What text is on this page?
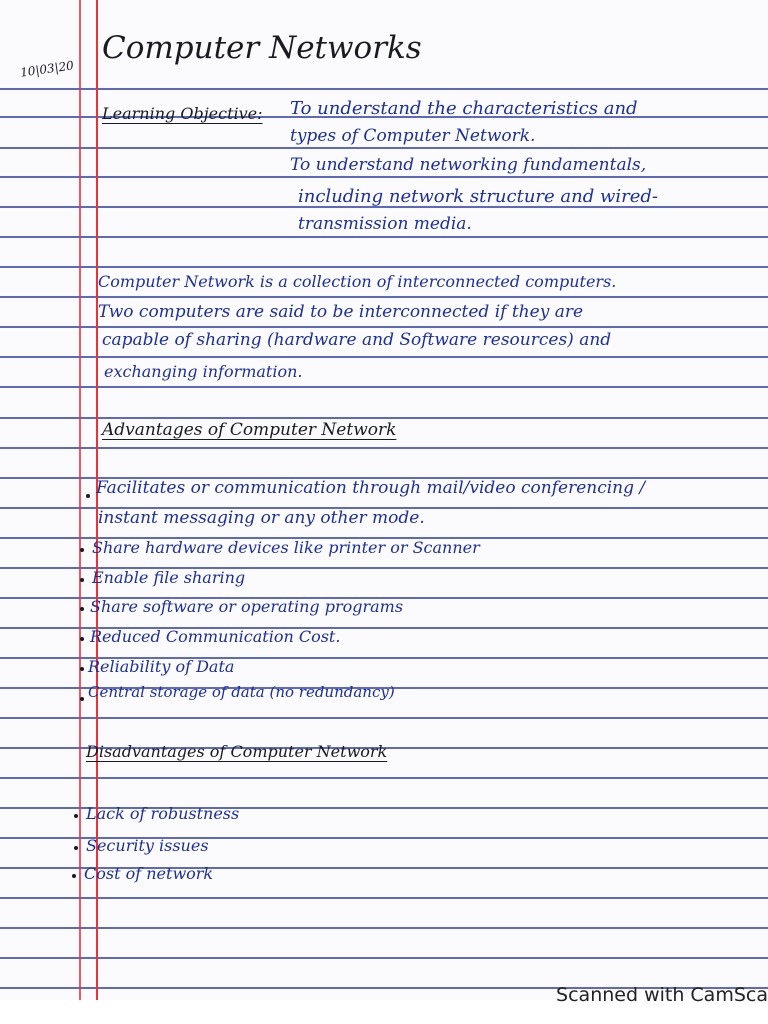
10|03|20
Computer Networks
Learning Objective: To understand the characteristics and
types of Computer Network.
To understand networking fundamentals,
including network structure and wired-
transmission media.
Computer Network is a collection of interconnected computers.
Two computers are said to be interconnected if they are
capable of sharing (hardware and Software resources) and
exchanging information.
Advantages of Computer Network
Facilitates or communication through mail/video conferencing /
instant messaging or any other mode.
Share hardware devices like printer or Scanner
Enable file sharing
Share software or operating programs
Reduced Communication Cost.
Reliability of Data
Central storage of data (no redundancy)
Disadvantages of Computer Network
Lack of robustness
Security issues
Cost of network
Scanned with CamSca
